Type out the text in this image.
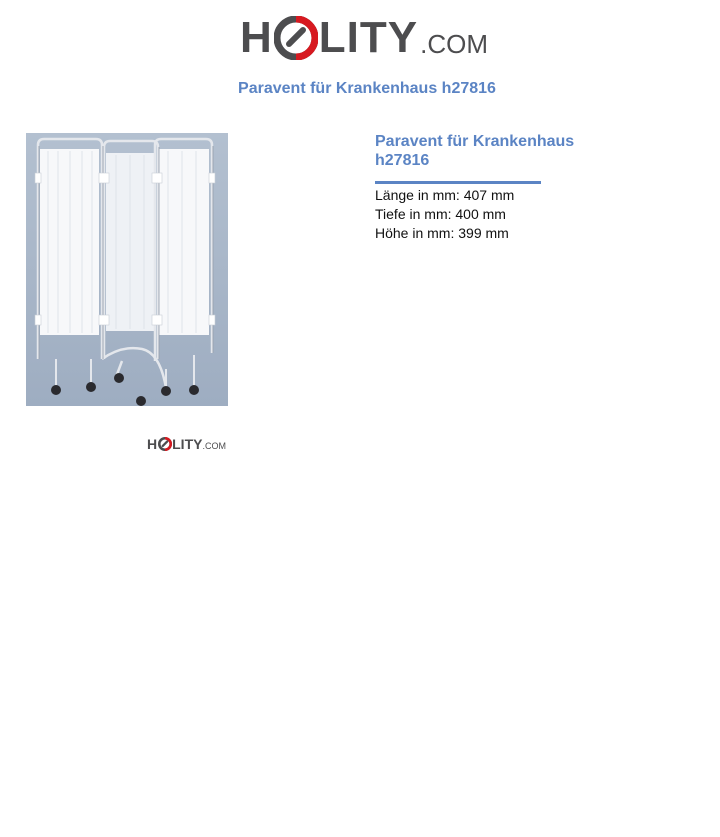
H LITY .COM
Paravent für Krankenhaus h27816
Paravent für Krankenhaus
h27816
Länge in mm: 407 mm
Tiefe in mm: 400 mm
Höhe in mm: 399 mm
H LITY .COM
